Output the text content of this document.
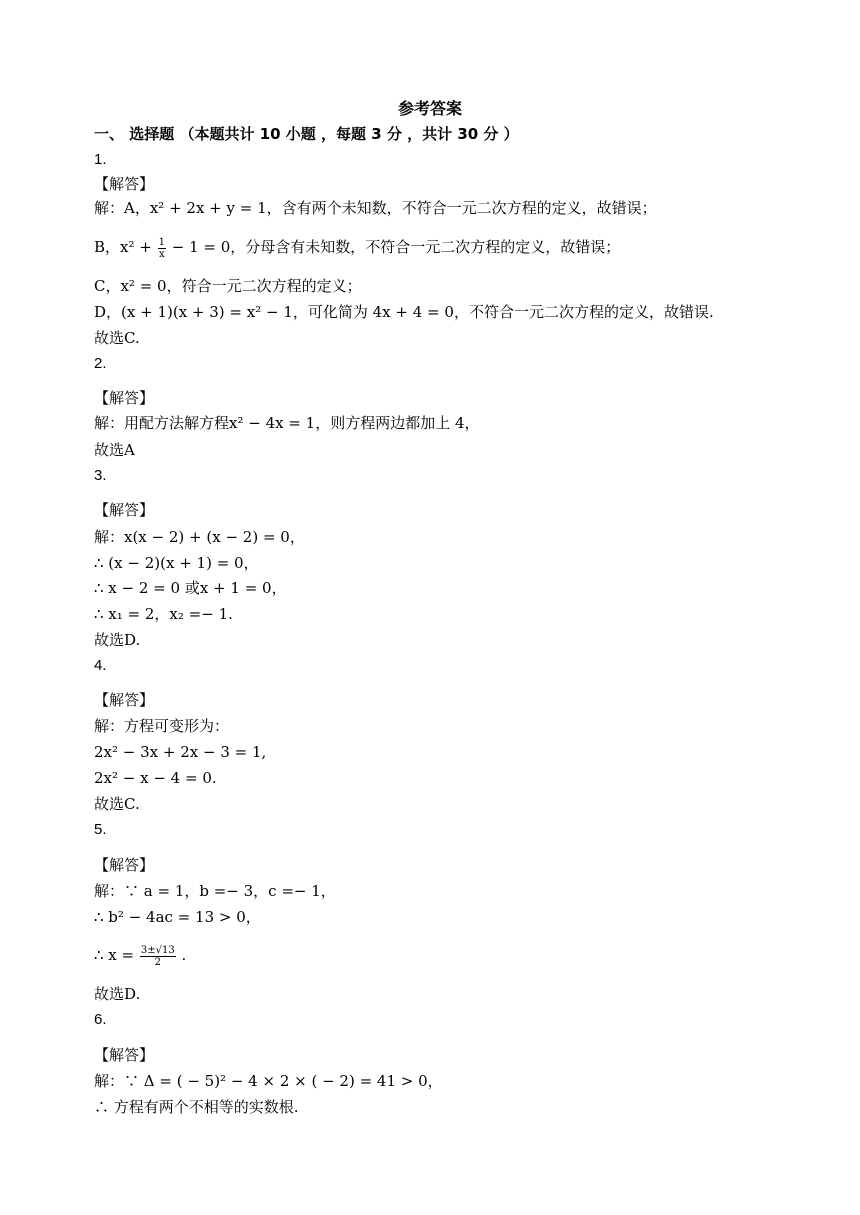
参考答案
一、 选择题 （本题共计 10 小题 ，每题 3 分 ，共计 30 分 ）
1.
【解答】
解：A，x² + 2x + y = 1，含有两个未知数，不符合一元二次方程的定义，故错误；
B，$x^2 + \frac{1}{x} - 1 = 0$，分母含有未知数，不符合一元二次方程的定义，故错误；
C，x² = 0，符合一元二次方程的定义；
D，(x + 1)(x + 3) = x² − 1，可化简为 4x + 4 = 0，不符合一元二次方程的定义，故错误.
故选C.
2.
【解答】
解：用配方法解方程x² − 4x = 1，则方程两边都加上 4，
故选A
3.
【解答】
解：x(x − 2) + (x − 2) = 0，
∴ (x − 2)(x + 1) = 0，
∴ x − 2 = 0 或x + 1 = 0，
∴ x₁ = 2，x₂ =− 1.
故选D.
4.
【解答】
解：方程可变形为：
2x² − 3x + 2x − 3 = 1,
2x² − x − 4 = 0.
故选C.
5.
【解答】
解：∵ a = 1，b =− 3，c =− 1，
∴ b² − 4ac = 13 > 0，
∴ $x = \frac{3\pm√13}{2}$ .
故选D.
6.
【解答】
解：∵ Δ = ( − 5)² − 4 × 2 × ( − 2) = 41 > 0，
∴ 方程有两个不相等的实数根.
